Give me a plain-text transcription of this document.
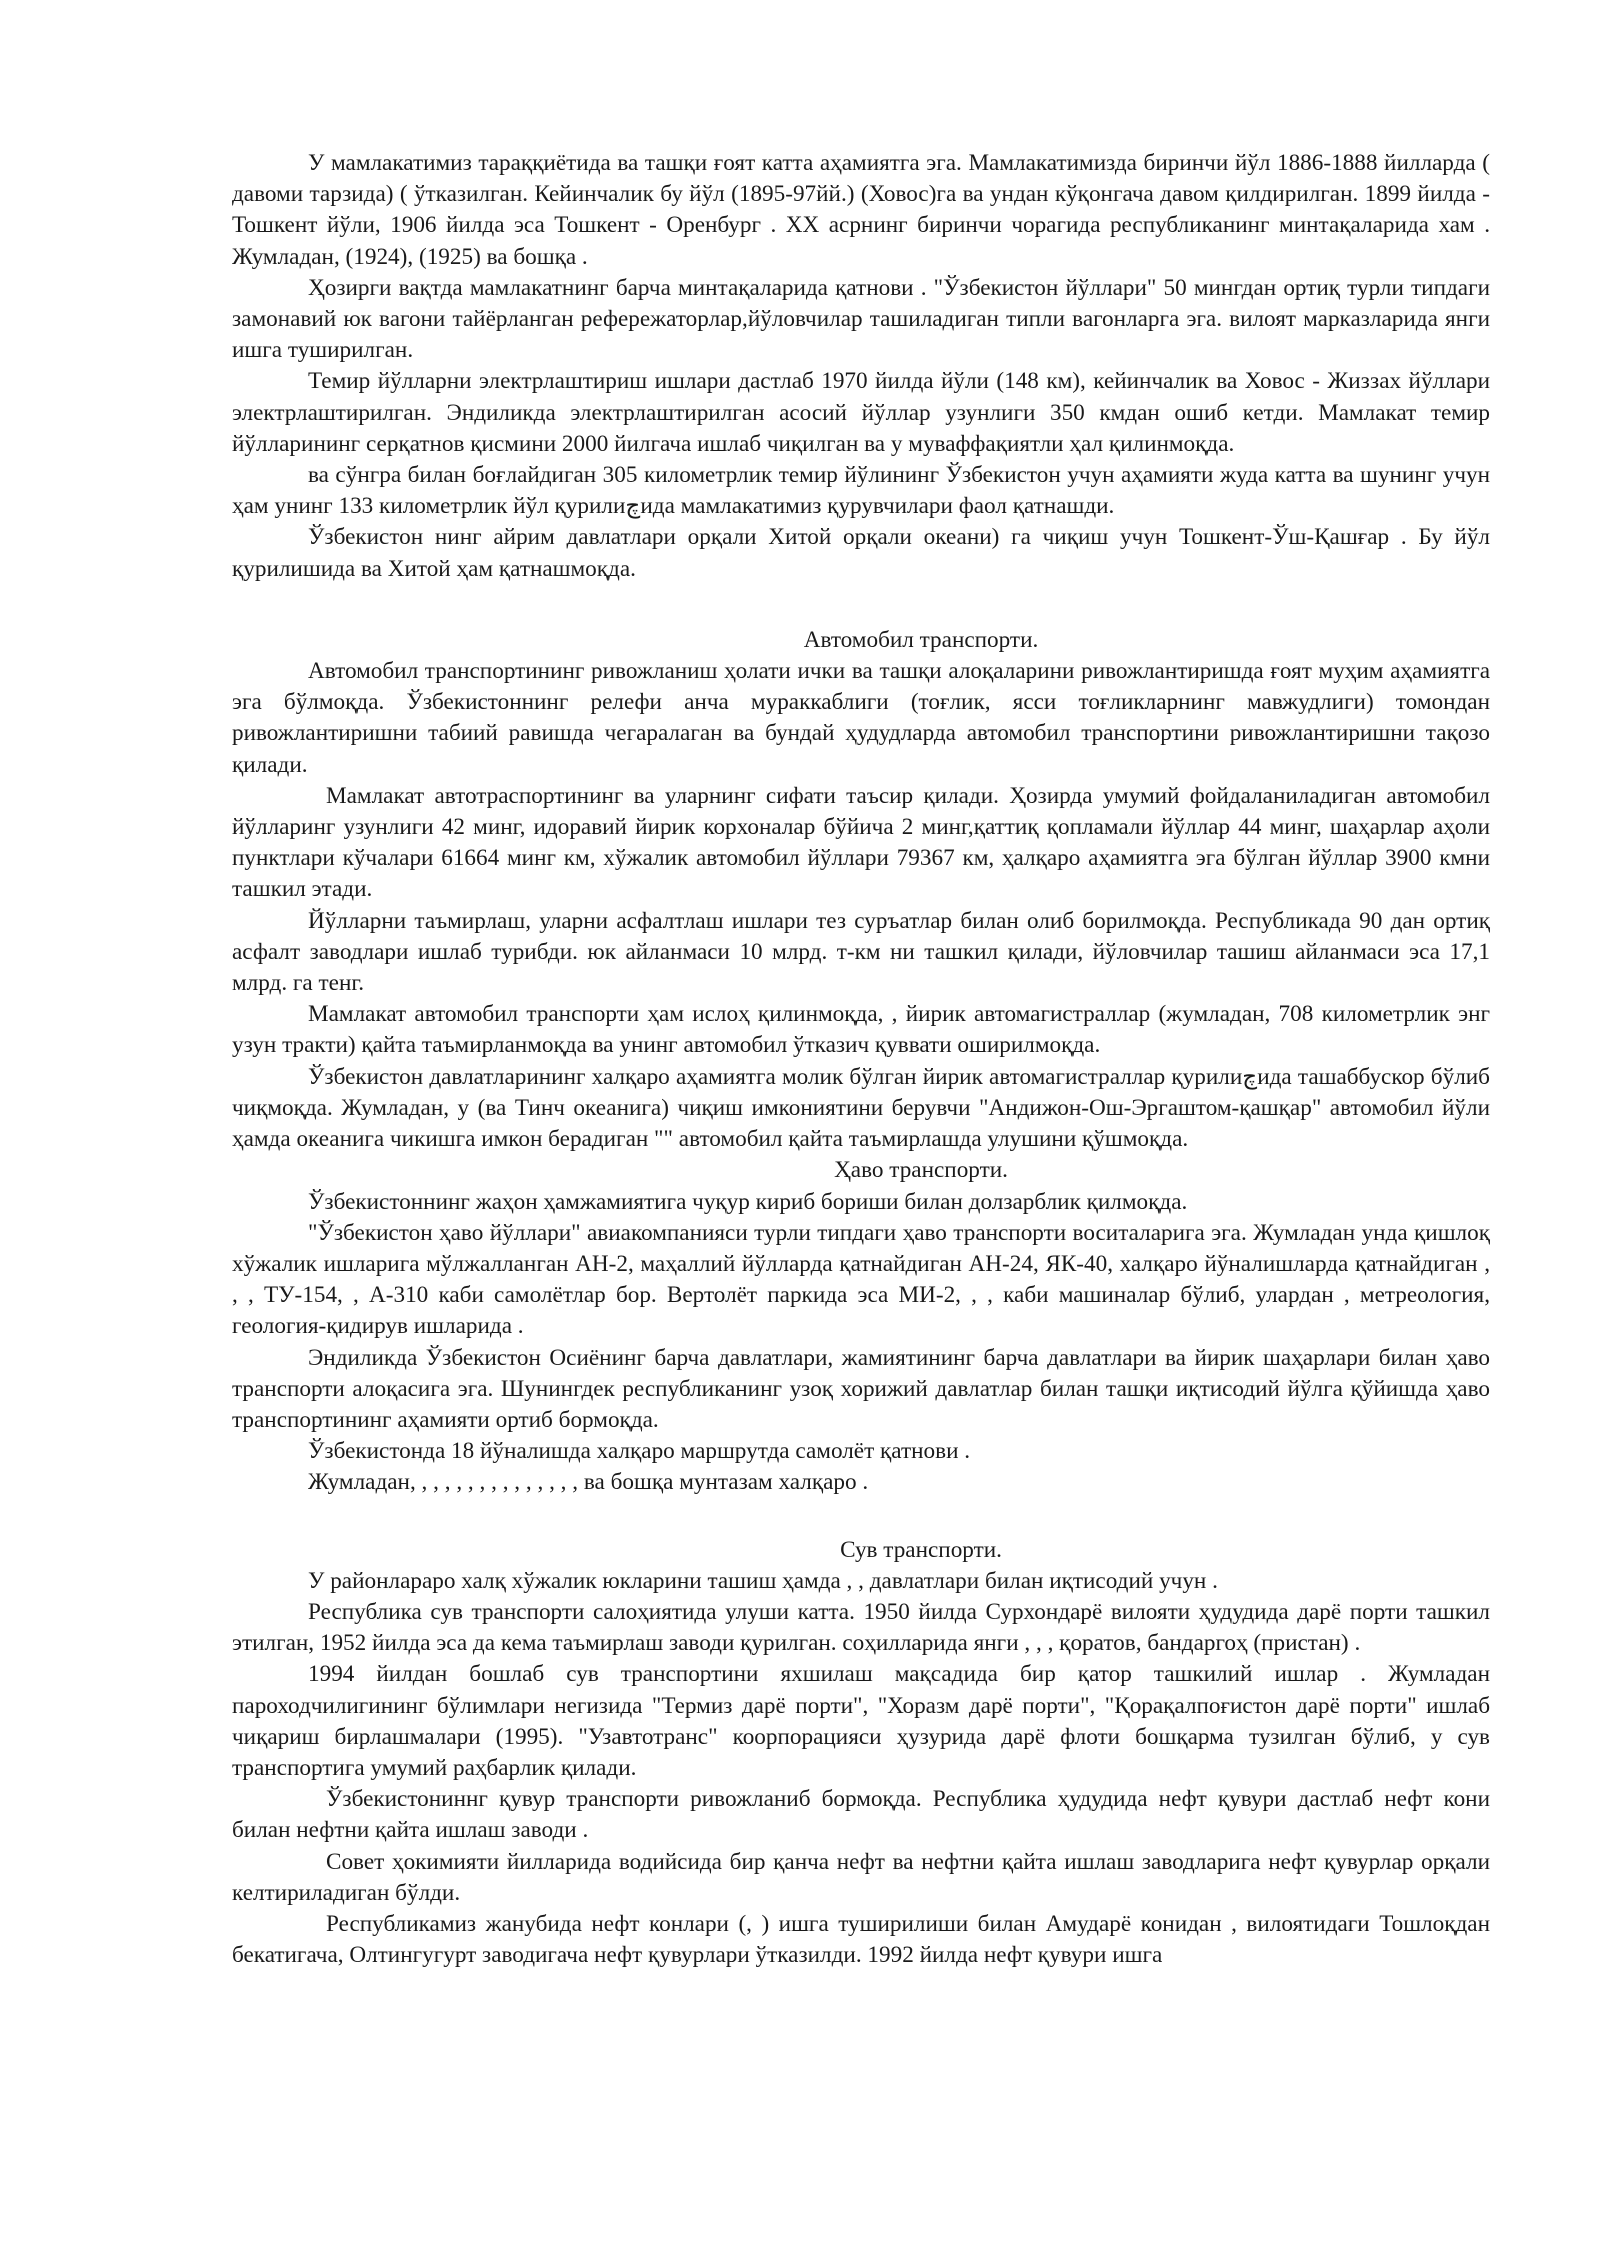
У мамлакатимиз тараққиётида ва ташқи ғоят катта аҳамиятга эга. Мамлакатимизда биринчи йўл 1886-1888 йилларда ( давоми тарзида) ( ўтказилган. Кейинчалик бу йўл (1895-97йй.) (Ховос)га ва ундан кўқонгача давом қилдирилган. 1899 йилда - Тошкент йўли, 1906 йилда эса Тошкент - Оренбург . XX асрнинг биринчи чорагида республиканинг минтақаларида хам . Жумладан, (1924), (1925) ва бошқа .

Ҳозирги вақтда мамлакатнинг барча минтақаларида қатнови . "Ўзбекистон йўллари" 50 мингдан ортиқ турли типдаги замонавий юк вагони тайёрланган рефережаторлар,йўловчилар ташиладиган типли вагонларга эга. вилоят марказларида янги ишга туширилган.

Темир йўлларни электрлаштириш ишлари дастлаб 1970 йилда йўли (148 км), кейинчалик ва Ховос - Жиззах йўллари электрлаштирилган. Эндиликда электрлаштирилган асосий йўллар узунлиги 350 кмдан ошиб кетди. Мамлакат темир йўлларининг серқатнов қисмини 2000 йилгача ишлаб чиқилган ва у муваффақиятли ҳал қилинмоқда.

ва сўнгра билан боғлайдиган 305 километрлик темир йўлининг Ўзбекистон учун аҳамияти жуда катта ва шунинг учун ҳам унинг 133 километрлик йўл қурилиچида мамлакатимиз қурувчилари фаол қатнашди.

Ўзбекистон нинг айрим давлатлари орқали Хитой орқали океани) га чиқиш учун Тошкент-Ўш-Қашғар . Бу йўл қурилишида ва Хитой ҳам қатнашмоқда.

Автомобил транспорти.

Автомобил транспортининг ривожланиш ҳолати ички ва ташқи алоқаларини ривожлантиришда ғоят муҳим аҳамиятга эга бўлмоқда. Ўзбекистоннинг релефи анча мураккаблиги (тоғлик, ясси тоғликларнинг мавжудлиги) томондан ривожлантиришни табиий равишда чегаралаган ва бундай ҳудудларда автомобил транспортини ривожлантиришни тақозо қилади.

Мамлакат автотраспортининг ва уларнинг сифати таъсир қилади. Ҳозирда умумий фойдаланиладиган автомобил йўлларинг узунлиги 42 минг, идоравий йирик корхоналар бўйича 2 минг,қаттиқ қопламали йўллар 44 минг, шаҳарлар аҳоли пунктлари кўчалари 61664 минг км, хўжалик автомобил йўллари 79367 км, ҳалқаро аҳамиятга эга бўлган йўллар 3900 кмни ташкил этади.

Йўлларни таъмирлаш, уларни асфалтлаш ишлари тез суръатлар билан олиб борилмоқда. Республикада 90 дан ортиқ асфалт заводлари ишлаб турибди. юк айланмаси 10 млрд. т-км ни ташкил қилади, йўловчилар ташиш айланмаси эса 17,1 млрд. га тенг.

Мамлакат автомобил транспорти ҳам ислоҳ қилинмоқда, , йирик автомагистраллар (жумладан, 708 километрлик энг узун тракти) қайта таъмирланмоқда ва унинг автомобил ўтказич қуввати оширилмоқда.

Ўзбекистон давлатларининг халқаро аҳамиятга молик бўлган йирик автомагистраллар қурилиچида ташаббускор бўлиб чиқмоқда. Жумладан, у (ва Тинч океанига) чиқиш имкониятини берувчи "Андижон-Ош-Эргаштом-қашқар" автомобил йўли ҳамда океанига чикишга имкон берадиган "" автомобил қайта таъмирлашда улушини қўшмоқда.

Ҳаво транспорти.

Ўзбекистоннинг жаҳон ҳамжамиятига чуқур кириб бориши билан долзарблик қилмоқда.

"Ўзбекистон ҳаво йўллари" авиакомпанияси турли типдаги ҳаво транспорти воситаларига эга. Жумладан унда қишлоқ хўжалик ишларига мўлжалланган АН-2, маҳаллий йўлларда қатнайдиган АН-24, ЯК-40, халқаро йўналишларда қатнайдиган , , , ТУ-154, , А-310 каби самолётлар бор. Вертолёт паркида эса МИ-2, , , каби машиналар бўлиб, улардан , метреология, геология-қидирув ишларида .

Эндиликда Ўзбекистон Осиёнинг барча давлатлари, жамиятининг барча давлатлари ва йирик шаҳарлари билан ҳаво транспорти алоқасига эга. Шунингдек республиканинг узоқ хорижий давлатлар билан ташқи иқтисодий йўлга қўйишда ҳаво транспортининг аҳамияти ортиб бормоқда.

Ўзбекистонда 18 йўналишда халқаро маршрутда самолёт қатнови .

Жумладан, , , , , , , , , , , , , , , ва бошқа мунтазам халқаро .

Сув транспорти.

У районлараро халқ хўжалик юкларини ташиш ҳамда , , давлатлари билан иқтисодий учун .

Республика сув транспорти салоҳиятида улуши катта. 1950 йилда Сурхондарё вилояти ҳудудида дарё порти ташкил этилган, 1952 йилда эса да кема таъмирлаш заводи қурилган. соҳилларида янги , , , қоратов, бандаргоҳ (пристан) .

1994 йилдан бошлаб сув транспортини яхшилаш мақсадида бир қатор ташкилий ишлар . Жумладан пароходчилигининг бўлимлари негизида "Термиз дарё порти", "Хоразм дарё порти", "Қорақалпоғистон дарё порти" ишлаб чиқариш бирлашмалари (1995). "Узавтотранс" коорпорацияси ҳузурида дарё флоти бошқарма тузилган бўлиб, у сув транспортига умумий раҳбарлик қилади.

Ўзбекистониннг қувур транспорти ривожланиб бормоқда. Республика ҳудудида нефт қувури дастлаб нефт кони билан нефтни қайта ишлаш заводи .

Совет ҳокимияти йилларида водийсида бир қанча нефт ва нефтни қайта ишлаш заводларига нефт қувурлар орқали келтириладиган бўлди.

Республикамиз жанубида нефт конлари (, ) ишга туширилиши билан Амударё конидан , вилоятидаги Тошлоқдан бекатигача, Олтингугурт заводигача нефт қувурлари ўтказилди. 1992 йилда нефт қувури ишга
